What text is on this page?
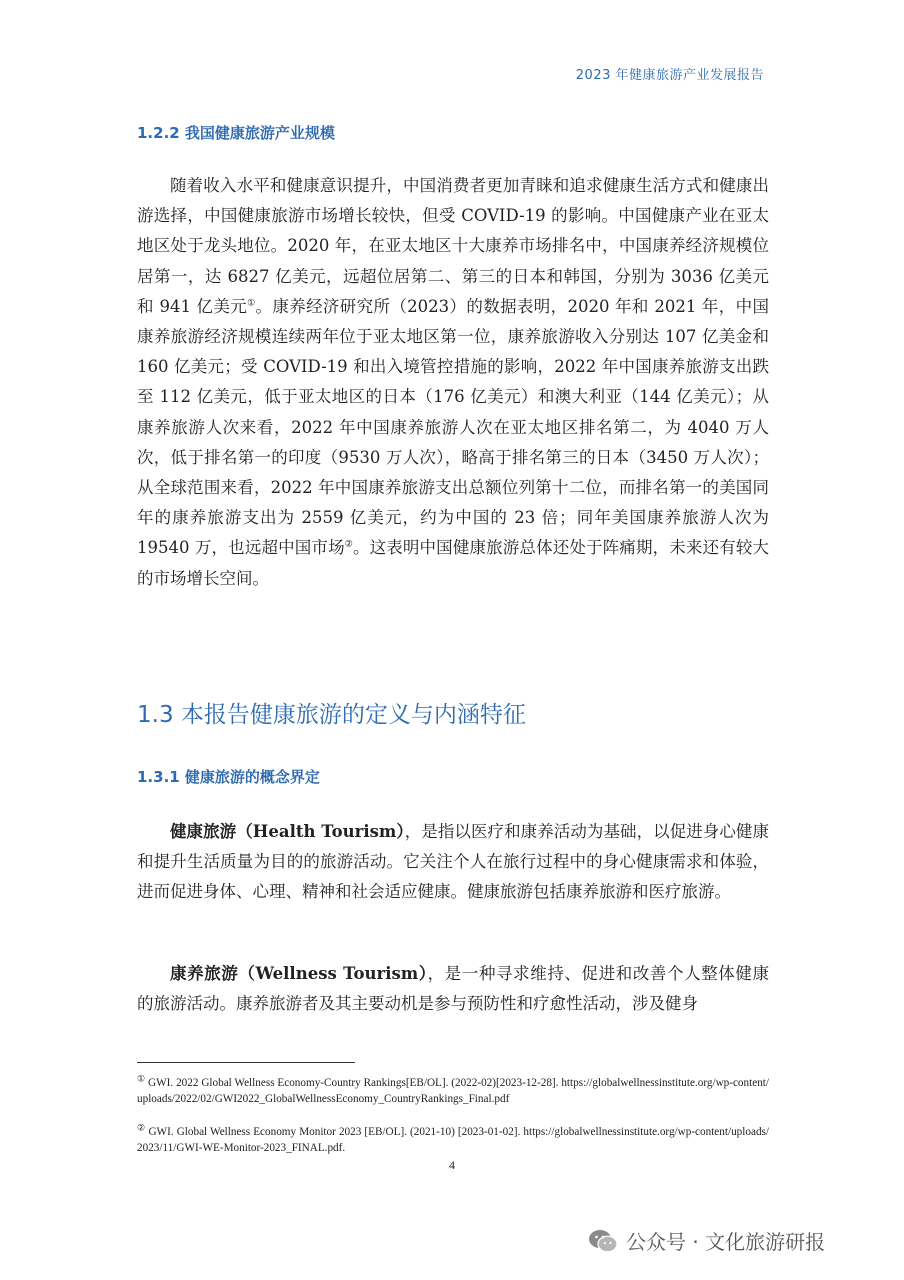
2023 年健康旅游产业发展报告
1.2.2 我国健康旅游产业规模

随着收入水平和健康意识提升，中国消费者更加青睐和追求健康生活方式和健康出游选择，中国健康旅游市场增长较快，但受 COVID-19 的影响。中国健康产业在亚太地区处于龙头地位。2020 年，在亚太地区十大康养市场排名中，中国康养经济规模位居第一，达 6827 亿美元，远超位居第二、第三的日本和韩国，分别为 3036 亿美元和 941 亿美元①。康养经济研究所（2023）的数据表明，2020 年和 2021 年，中国康养旅游经济规模连续两年位于亚太地区第一位，康养旅游收入分别达 107 亿美金和 160 亿美元；受 COVID-19 和出入境管控措施的影响，2022 年中国康养旅游支出跌至 112 亿美元，低于亚太地区的日本（176 亿美元）和澳大利亚（144 亿美元）；从康养旅游人次来看，2022 年中国康养旅游人次在亚太地区排名第二，为 4040 万人次，低于排名第一的印度（9530 万人次），略高于排名第三的日本（3450 万人次）；从全球范围来看，2022 年中国康养旅游支出总额位列第十二位，而排名第一的美国同年的康养旅游支出为 2559 亿美元，约为中国的 23 倍；同年美国康养旅游人次为 19540 万，也远超中国市场②。这表明中国健康旅游总体还处于阵痛期，未来还有较大的市场增长空间。

1.3 本报告健康旅游的定义与内涵特征
1.3.1 健康旅游的概念界定

健康旅游（Health Tourism），是指以医疗和康养活动为基础，以促进身心健康和提升生活质量为目的的旅游活动。它关注个人在旅行过程中的身心健康需求和体验，进而促进身体、心理、精神和社会适应健康。健康旅游包括康养旅游和医疗旅游。

康养旅游（Wellness Tourism），是一种寻求维持、促进和改善个人整体健康的旅游活动。康养旅游者及其主要动机是参与预防性和疗愈性活动，涉及健身

① GWI. 2022 Global Wellness Economy-Country Rankings[EB/OL]. (2022-02)[2023-12-28]. https://globalwellnessinstitute.org/wp-content/uploads/2022/02/GWI2022_GlobalWellnessEconomy_CountryRankings_Final.pdf
② GWI. Global Wellness Economy Monitor 2023 [EB/OL]. (2021-10) [2023-01-02]. https://globalwellnessinstitute.org/wp-content/uploads/2023/11/GWI-WE-Monitor-2023_FINAL.pdf.
4
公众号 · 文化旅游研报
